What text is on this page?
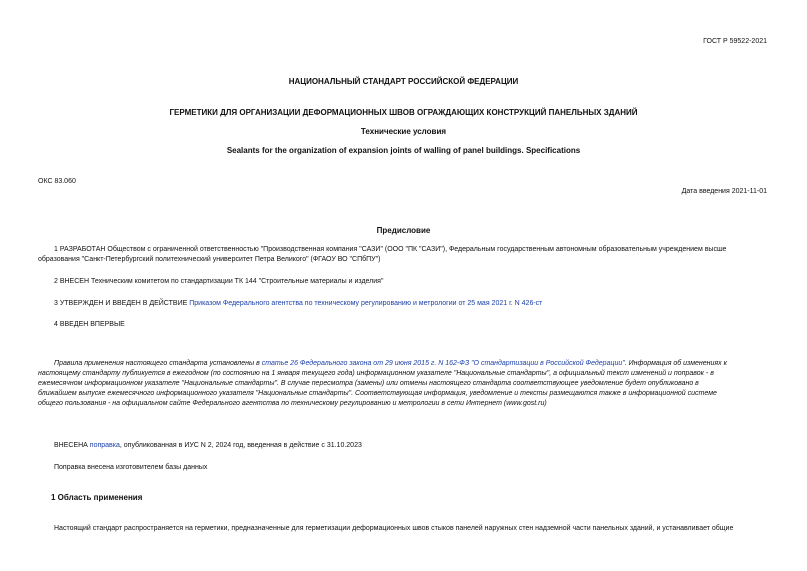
ГОСТ Р 59522-2021
НАЦИОНАЛЬНЫЙ СТАНДАРТ РОССИЙСКОЙ ФЕДЕРАЦИИ
ГЕРМЕТИКИ ДЛЯ ОРГАНИЗАЦИИ ДЕФОРМАЦИОННЫХ ШВОВ ОГРАЖДАЮЩИХ КОНСТРУКЦИЙ ПАНЕЛЬНЫХ ЗДАНИЙ
Технические условия
Sealants for the organization of expansion joints of walling of panel buildings. Specifications
ОКС 83.060
Дата введения 2021-11-01
Предисловие
1 РАЗРАБОТАН Обществом с ограниченной ответственностью "Производственная компания "САЗИ" (ООО "ПК "САЗИ"), Федеральным государственным автономным образовательным учреждением высше
образования "Санкт-Петербургский политехнический университет Петра Великого" (ФГАОУ ВО "СПбПУ")
2 ВНЕСЕН Техническим комитетом по стандартизации ТК 144 "Строительные материалы и изделия"
3 УТВЕРЖДЕН И ВВЕДЕН В ДЕЙСТВИЕ Приказом Федерального агентства по техническому регулированию и метрологии от 25 мая 2021 г. N 426-ст
4 ВВЕДЕН ВПЕРВЫЕ
Правила применения настоящего стандарта установлены в статье 26 Федерального закона от 29 июня 2015 г. N 162-ФЗ "О стандартизации в Российской Федерации". Информация об изменениях к
настоящему стандарту публикуется в ежегодном (по состоянию на 1 января текущего года) информационном указателе "Национальные стандарты", а официальный текст изменений и поправок - в
ежемесячном информационном указателе "Национальные стандарты". В случае пересмотра (замены) или отмены настоящего стандарта соответствующее уведомление будет опубликовано в
ближайшем выпуске ежемесячного информационного указателя "Национальные стандарты". Соответствующая информация, уведомление и тексты размещаются также в информационной системе
общего пользования - на официальном сайте Федерального агентства по техническому регулированию и метрологии в сети Интернет (www.gost.ru)
ВНЕСЕНА поправка, опубликованная в ИУС N 2, 2024 год, введенная в действие с 31.10.2023
Поправка внесена изготовителем базы данных
1 Область применения
Настоящий стандарт распространяется на герметики, предназначенные для герметизации деформационных швов стыков панелей наружных стен надземной части панельных зданий, и устанавливает общие
